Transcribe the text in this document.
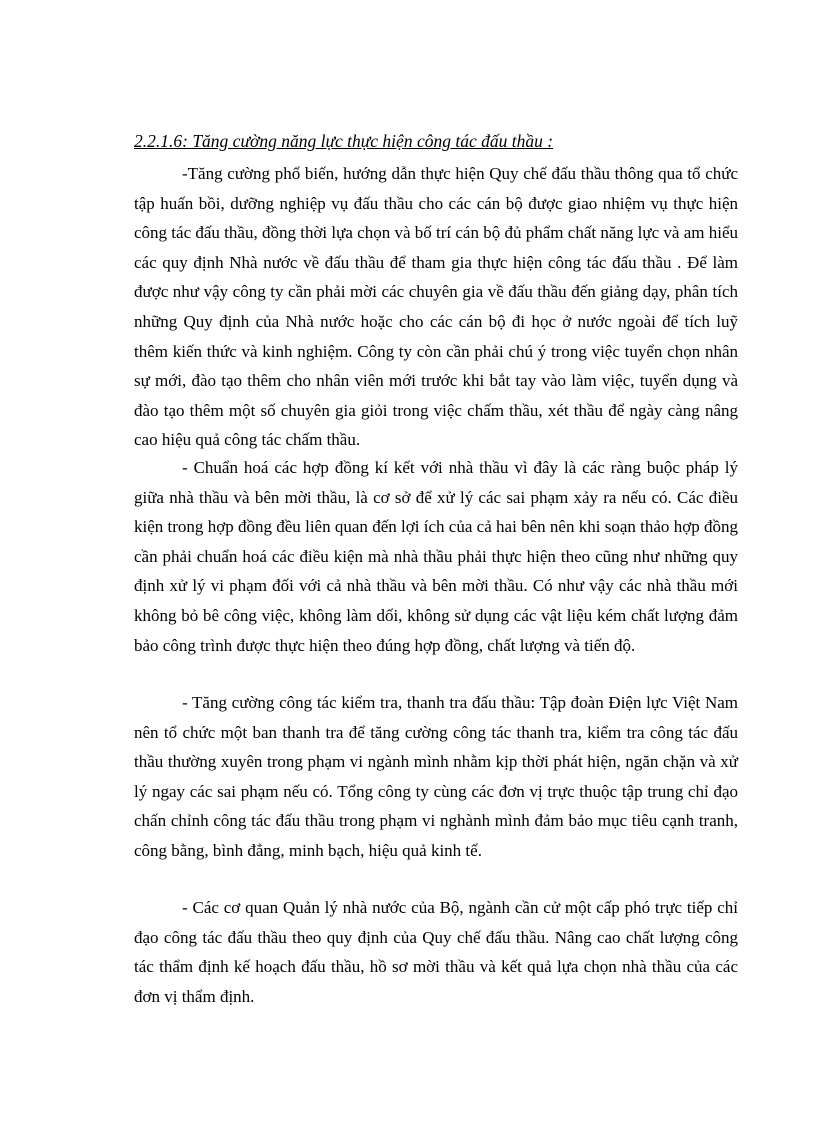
2.2.1.6: Tăng cường năng lực thực hiện công tác đấu thầu :

-Tăng cường phổ biến, hướng dẫn thực hiện Quy chế đấu thầu thông qua tổ chức tập huấn bồi, dưỡng nghiệp vụ đấu thầu cho các cán bộ được giao nhiệm vụ thực hiện công tác đấu thầu, đồng thời lựa chọn và bố trí cán bộ đủ phẩm chất năng lực và am hiểu các quy định Nhà nước về đấu thầu để tham gia thực hiện công tác đấu thầu . Để làm được như vậy công ty cần phải mời các chuyên gia về đấu thầu đến giảng dạy, phân tích những Quy định của Nhà nước hoặc cho các cán bộ đi học ở nước ngoài để tích luỹ thêm kiến thức và kinh nghiệm. Công ty còn cần phải chú ý trong việc tuyển chọn nhân sự mới, đào tạo thêm cho nhân viên mới trước khi bắt tay vào làm việc, tuyển dụng và đào tạo thêm một số chuyên gia giỏi trong việc chấm thầu, xét thầu để ngày càng nâng cao hiệu quả công tác chấm thầu.

- Chuẩn hoá các hợp đồng kí kết với nhà thầu vì đây là các ràng buộc pháp lý giữa nhà thầu và bên mời thầu, là cơ sở để xử lý các sai phạm xảy ra nếu có. Các điều kiện trong hợp đồng đều liên quan đến lợi ích của cả hai bên nên khi soạn thảo hợp đồng cần phải chuẩn hoá các điều kiện mà nhà thầu phải thực hiện theo cũng như những quy định xử lý vi phạm đối với cả nhà thầu và bên mời thầu. Có như vậy các nhà thầu mới không bỏ bê công việc, không làm dối, không sử dụng các vật liệu kém chất lượng đảm bảo công trình được thực hiện theo đúng hợp đồng, chất lượng và tiến độ.

- Tăng cường công tác kiểm tra, thanh tra đấu thầu: Tập đoàn Điện lực Việt Nam nên tổ chức một ban thanh tra để tăng cường công tác thanh tra, kiểm tra công tác đấu thầu thường xuyên trong phạm vi ngành mình nhằm kịp thời phát hiện, ngăn chặn và xử lý ngay các sai phạm nếu có. Tổng công ty cùng các đơn vị trực thuộc tập trung chỉ đạo chấn chỉnh công tác đấu thầu trong phạm vi nghành mình đảm bảo mục tiêu cạnh tranh, công bằng, bình đẳng, minh bạch, hiệu quả kinh tế.

- Các cơ quan Quản lý nhà nước của Bộ, ngành cần cử một cấp phó trực tiếp chỉ đạo công tác đấu thầu theo quy định của Quy chế đấu thầu. Nâng cao chất lượng công tác thẩm định kế hoạch đấu thầu, hồ sơ mời thầu và kết quả lựa chọn nhà thầu của các đơn vị thẩm định.
